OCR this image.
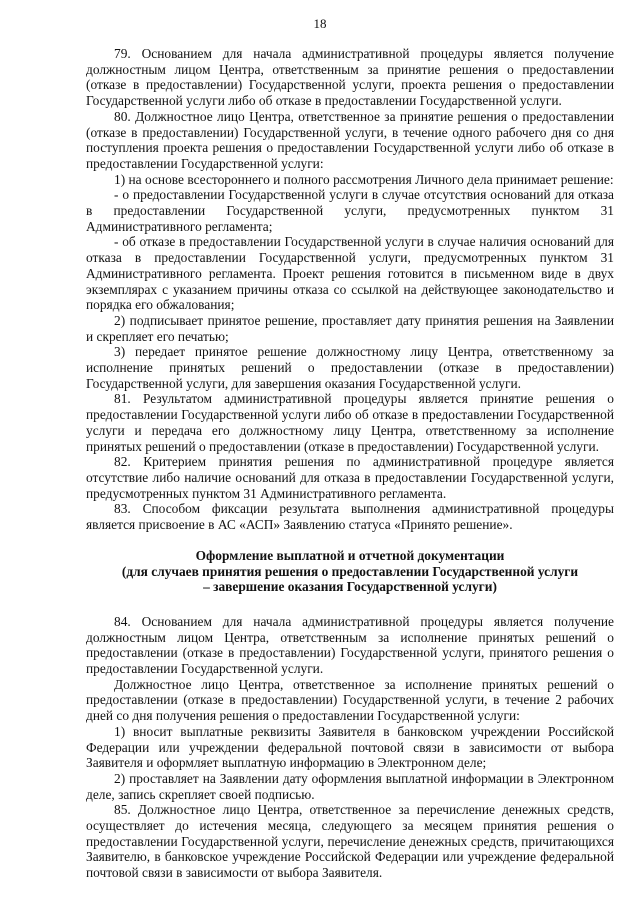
18

79. Основанием для начала административной процедуры является получение должностным лицом Центра, ответственным за принятие решения о предоставлении (отказе в предоставлении) Государственной услуги, проекта решения о предоставлении Государственной услуги либо об отказе в предоставлении Государственной услуги.

80. Должностное лицо Центра, ответственное за принятие решения о предоставлении (отказе в предоставлении) Государственной услуги, в течение одного рабочего дня со дня поступления проекта решения о предоставлении Государственной услуги либо об отказе в предоставлении Государственной услуги:

1) на основе всестороннего и полного рассмотрения Личного дела принимает решение:

- о предоставлении Государственной услуги в случае отсутствия оснований для отказа в предоставлении Государственной услуги, предусмотренных пунктом 31 Административного регламента;

- об отказе в предоставлении Государственной услуги в случае наличия оснований для отказа в предоставлении Государственной услуги, предусмотренных пунктом 31 Административного регламента. Проект решения готовится в письменном виде в двух экземплярах с указанием причины отказа со ссылкой на действующее законодательство и порядка его обжалования;

2) подписывает принятое решение, проставляет дату принятия решения на Заявлении и скрепляет его печатью;

3) передает принятое решение должностному лицу Центра, ответственному за исполнение принятых решений о предоставлении (отказе в предоставлении) Государственной услуги, для завершения оказания Государственной услуги.

81. Результатом административной процедуры является принятие решения о предоставлении Государственной услуги либо об отказе в предоставлении Государственной услуги и передача его должностному лицу Центра, ответственному за исполнение принятых решений о предоставлении (отказе в предоставлении) Государственной услуги.

82. Критерием принятия решения по административной процедуре является отсутствие либо наличие оснований для отказа в предоставлении Государственной услуги, предусмотренных пунктом 31 Административного регламента.

83. Способом фиксации результата выполнения административной процедуры является присвоение в АС «АСП» Заявлению статуса «Принято решение».

Оформление выплатной и отчетной документации

(для случаев принятия решения о предоставлении Государственной услуги

– завершение оказания Государственной услуги)

84. Основанием для начала административной процедуры является получение должностным лицом Центра, ответственным за исполнение принятых решений о предоставлении (отказе в предоставлении) Государственной услуги, принятого решения о предоставлении Государственной услуги.

Должностное лицо Центра, ответственное за исполнение принятых решений о предоставлении (отказе в предоставлении) Государственной услуги, в течение 2 рабочих дней со дня получения решения о предоставлении Государственной услуги:

1) вносит выплатные реквизиты Заявителя в банковском учреждении Российской Федерации или учреждении федеральной почтовой связи в зависимости от выбора Заявителя и оформляет выплатную информацию в Электронном деле;

2) проставляет на Заявлении дату оформления выплатной информации в Электронном деле, запись скрепляет своей подписью.

85. Должностное лицо Центра, ответственное за перечисление денежных средств, осуществляет до истечения месяца, следующего за месяцем принятия решения о предоставлении Государственной услуги, перечисление денежных средств, причитающихся Заявителю, в банковское учреждение Российской Федерации или учреждение федеральной почтовой связи в зависимости от выбора Заявителя.
